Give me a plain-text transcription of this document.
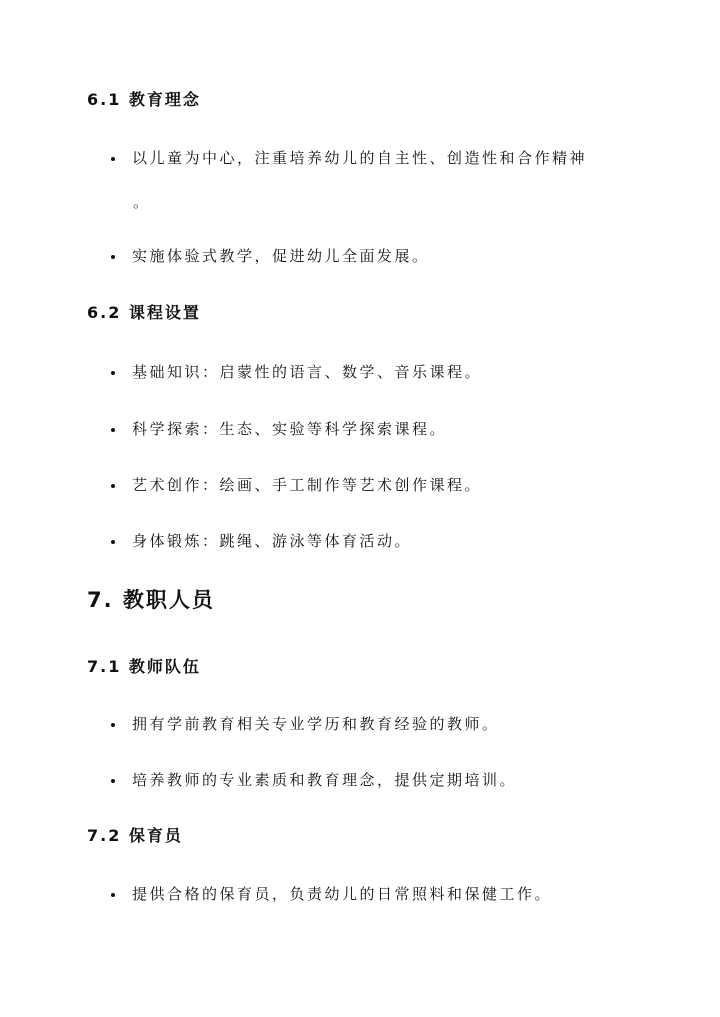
6.1 教育理念
以儿童为中心，注重培养幼儿的自主性、创造性和合作精神
。
实施体验式教学，促进幼儿全面发展。
6.2 课程设置
基础知识：启蒙性的语言、数学、音乐课程。
科学探索：生态、实验等科学探索课程。
艺术创作：绘画、手工制作等艺术创作课程。
身体锻炼：跳绳、游泳等体育活动。
7. 教职人员
7.1 教师队伍
拥有学前教育相关专业学历和教育经验的教师。
培养教师的专业素质和教育理念，提供定期培训。
7.2 保育员
提供合格的保育员，负责幼儿的日常照料和保健工作。
